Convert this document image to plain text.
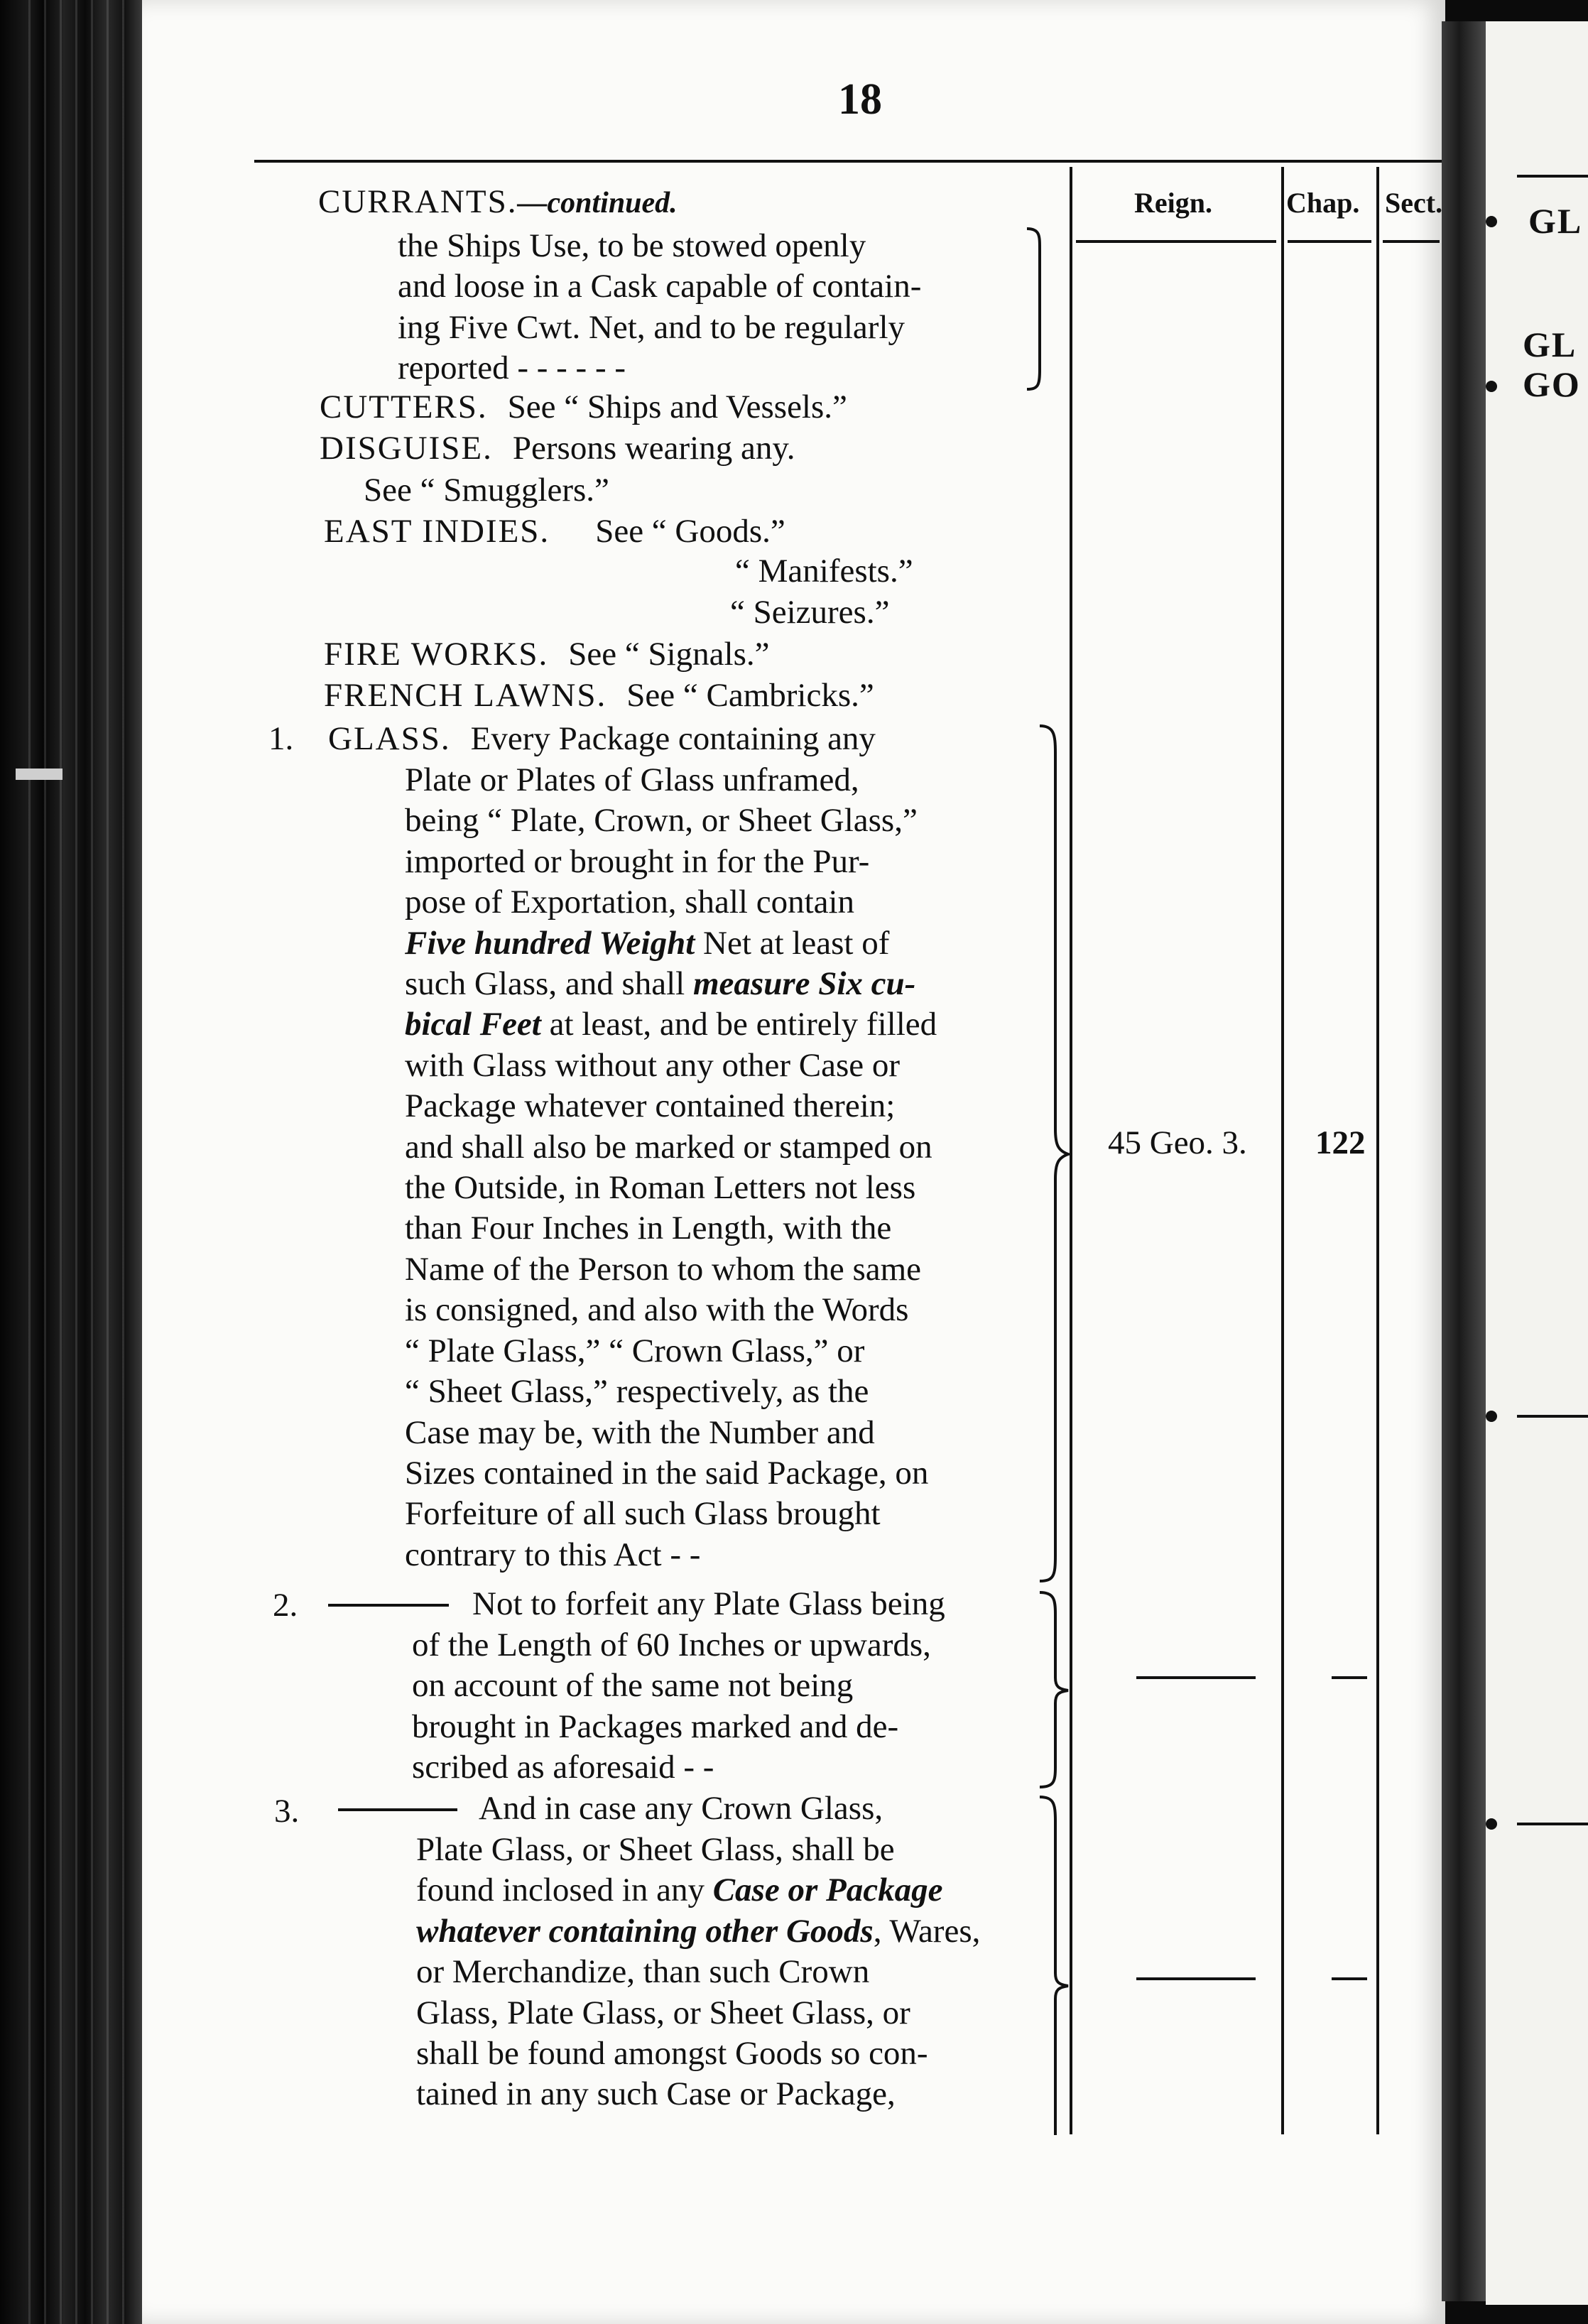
GL
GL
GO
18
Reign.	Chap. Sect.
CURRANTS.—continued.
the Ships Use, to be stowed openly
and loose in a Cask capable of contain-
ing Five Cwt. Net, and to be regularly
reported - - - - - -
CUTTERS. See “ Ships and Vessels.”
DISGUISE. Persons wearing any.
See “ Smugglers.”
EAST INDIES. See “ Goods.”
“ Manifests.”
“ Seizures.”
FIRE WORKS. See “ Signals.”
FRENCH LAWNS. See “ Cambricks.”
1. GLASS. Every Package containing any
Plate or Plates of Glass unframed,
being “ Plate, Crown, or Sheet Glass,”
imported or brought in for the Pur-
pose of Exportation, shall contain
Five hundred Weight Net at least of
such Glass, and shall measure Six cu-
bical Feet at least, and be entirely filled
with Glass without any other Case or
Package whatever contained therein;
and shall also be marked or stamped on
the Outside, in Roman Letters not less
than Four Inches in Length, with the
Name of the Person to whom the same
is consigned, and also with the Words
“ Plate Glass,” “ Crown Glass,” or
“ Sheet Glass,” respectively, as the
Case may be, with the Number and
Sizes contained in the said Package, on
Forfeiture of all such Glass brought
contrary to this Act - -
45 Geo. 3. 122
2.	Not to forfeit any Plate Glass being
of the Length of 60 Inches or upwards,
on account of the same not being
brought in Packages marked and de-
scribed as aforesaid - -
3.	And in case any Crown Glass,
Plate Glass, or Sheet Glass, shall be
found inclosed in any Case or Package
whatever containing other Goods, Wares,
or Merchandize, than such Crown
Glass, Plate Glass, or Sheet Glass, or
shall be found amongst Goods so con-
tained in any such Case or Package,
